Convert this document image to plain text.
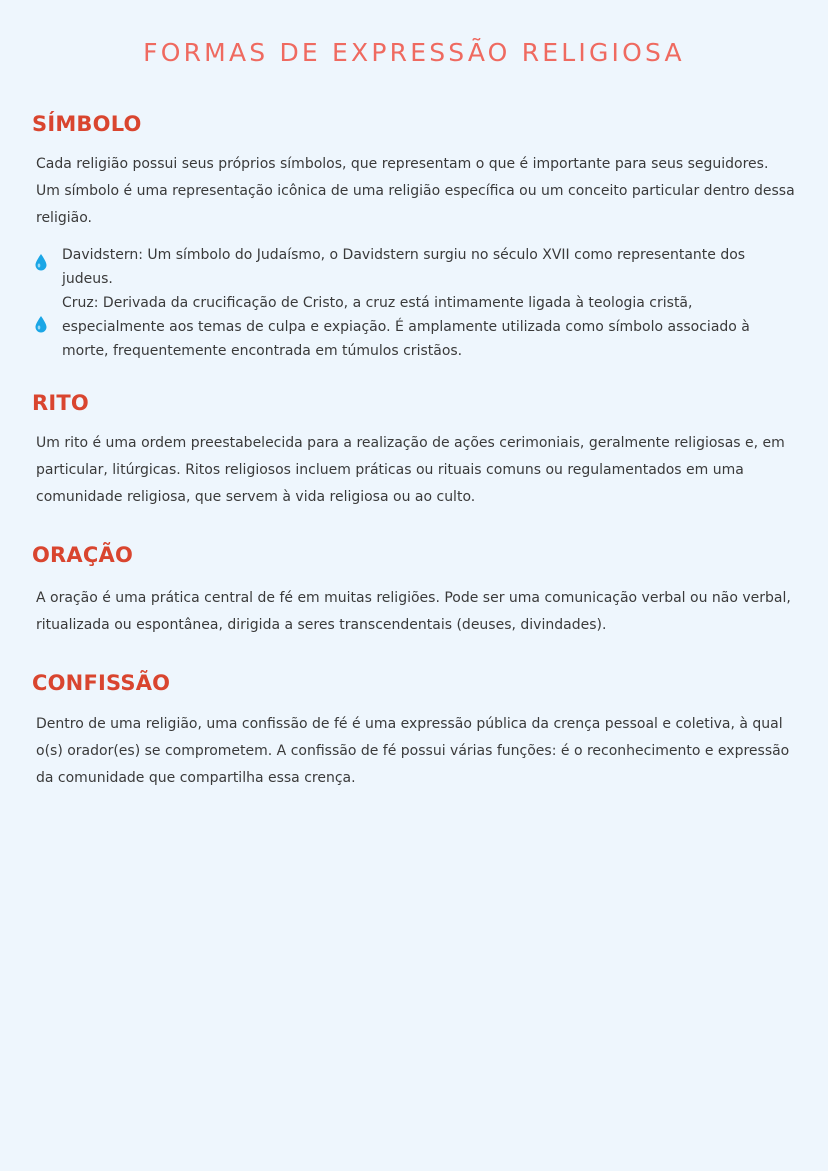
FORMAS DE EXPRESSÃO RELIGIOSA
SÍMBOLO

Cada religião possui seus próprios símbolos, que representam o que é importante para seus seguidores. Um símbolo é uma representação icônica de uma religião específica ou um conceito particular dentro dessa religião.

Davidstern: Um símbolo do Judaísmo, o Davidstern surgiu no século XVII como representante dos judeus.
Cruz: Derivada da crucificação de Cristo, a cruz está intimamente ligada à teologia cristã, especialmente aos temas de culpa e expiação. É amplamente utilizada como símbolo associado à morte, frequentemente encontrada em túmulos cristãos.
RITO

Um rito é uma ordem preestabelecida para a realização de ações cerimoniais, geralmente religiosas e, em particular, litúrgicas. Ritos religiosos incluem práticas ou rituais comuns ou regulamentados em uma comunidade religiosa, que servem à vida religiosa ou ao culto.

ORAÇÃO

A oração é uma prática central de fé em muitas religiões. Pode ser uma comunicação verbal ou não verbal, ritualizada ou espontânea, dirigida a seres transcendentais (deuses, divindades).

CONFISSÃO

Dentro de uma religião, uma confissão de fé é uma expressão pública da crença pessoal e coletiva, à qual o(s) orador(es) se comprometem. A confissão de fé possui várias funções: é o reconhecimento e expressão da comunidade que compartilha essa crença.
